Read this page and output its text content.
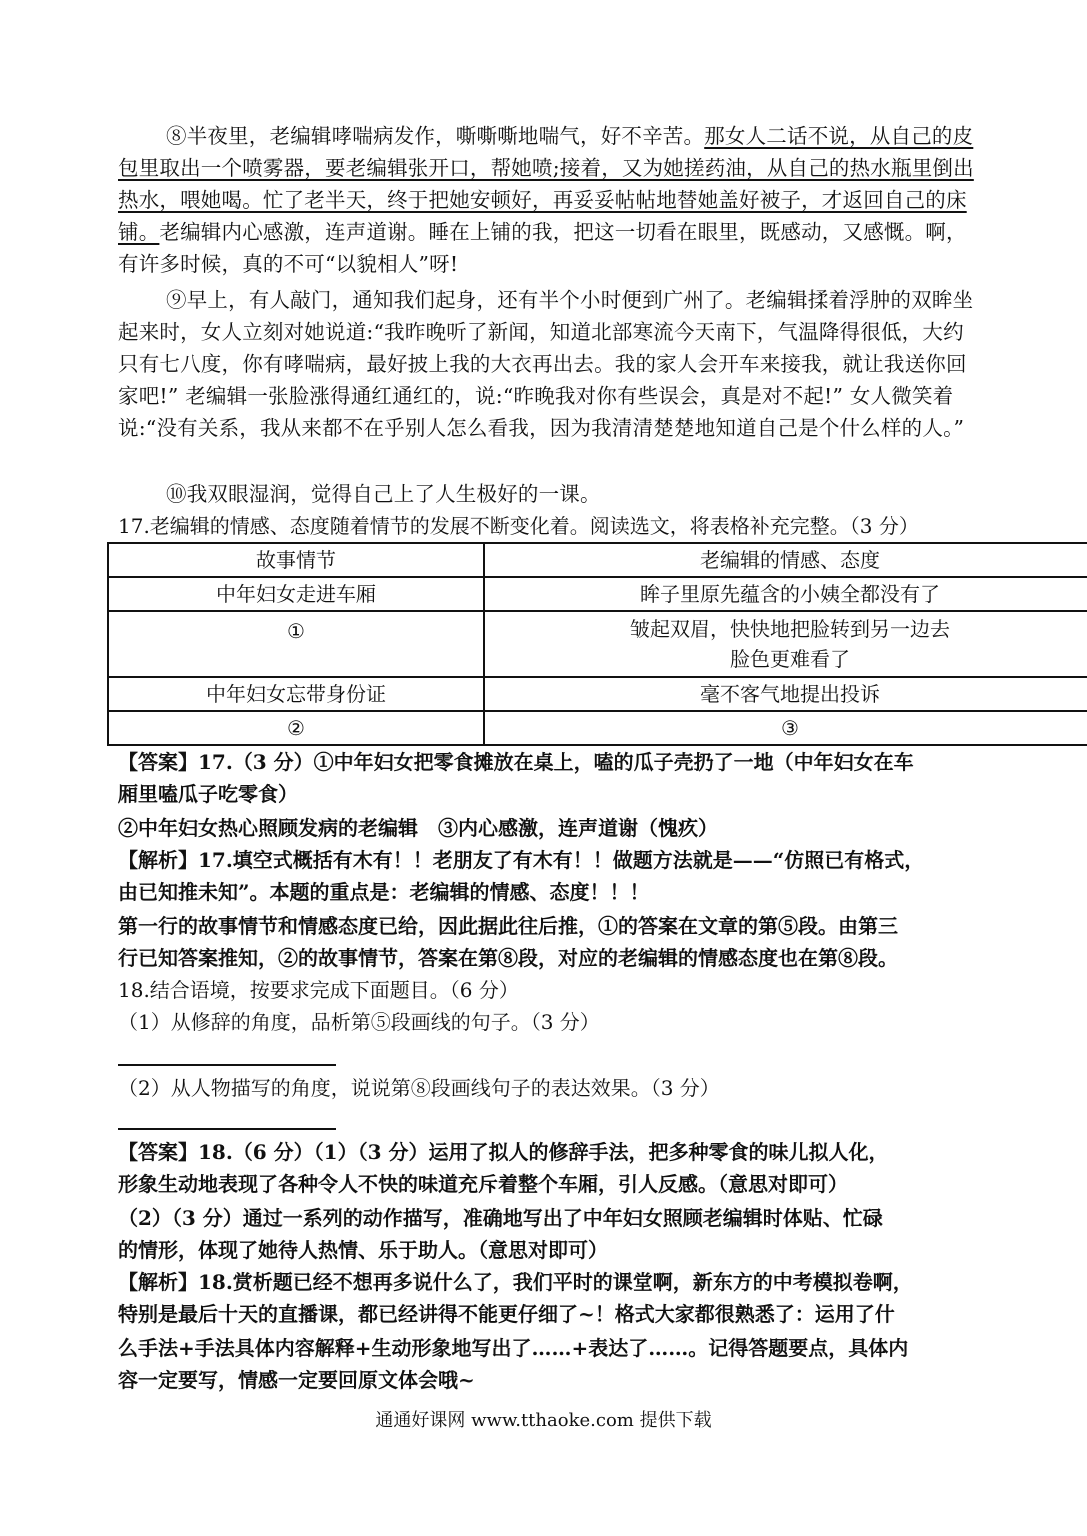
⑧半夜里，老编辑哮喘病发作，嘶嘶嘶地喘气，好不辛苦。那女人二话不说，从自己的皮包里取出一个喷雾器，要老编辑张开口，帮她喷;接着，又为她搓药油，从自己的热水瓶里倒出热水，喂她喝。忙了老半天，终于把她安顿好，再妥妥帖帖地替她盖好被子，才返回自己的床铺。老编辑内心感激，连声道谢。睡在上铺的我，把这一切看在眼里，既感动，又感慨。啊，有许多时候，真的不可“以貌相人”呀!

⑨早上，有人敲门，通知我们起身，还有半个小时便到广州了。老编辑揉着浮肿的双眸坐起来时，女人立刻对她说道:“我昨晚听了新闻，知道北部寒流今天南下，气温降得很低，大约只有七八度，你有哮喘病，最好披上我的大衣再出去。我的家人会开车来接我，就让我送你回家吧!” 老编辑一张脸涨得通红通红的，说:“昨晚我对你有些误会，真是对不起!” 女人微笑着说:“没有关系，我从来都不在乎别人怎么看我，因为我清清楚楚地知道自己是个什么样的人。”

⑩我双眼湿润，觉得自己上了人生极好的一课。

17.老编辑的情感、态度随着情节的发展不断变化着。阅读选文，将表格补充完整。（3 分）

故事情节	老编辑的情感、态度
中年妇女走进车厢	眸子里原先蕴含的小姨全都没有了
①	皱起双眉，快快地把脸转到另一边去
脸色更难看了

中年妇女忘带身份证	毫不客气地提出投诉
②	③

【答案】17.（3 分）①中年妇女把零食摊放在桌上，嗑的瓜子壳扔了一地（中年妇女在车

厢里嗑瓜子吃零食）

②中年妇女热心照顾发病的老编辑　③内心感激，连声道谢（愧疚）

【解析】17.填空式概括有木有！！老朋友了有木有！！做题方法就是——“仿照已有格式，

由已知推未知”。本题的重点是：老编辑的情感、态度！！！

第一行的故事情节和情感态度已给，因此据此往后推，①的答案在文章的第⑤段。由第三

行已知答案推知，②的故事情节，答案在第⑧段，对应的老编辑的情感态度也在第⑧段。

18.结合语境，按要求完成下面题目。（6 分）

（1）从修辞的角度，品析第⑤段画线的句子。（3 分）

（2）从人物描写的角度，说说第⑧段画线句子的表达效果。（3 分）

【答案】18.（6 分）（1）（3 分）运用了拟人的修辞手法，把多种零食的味儿拟人化，

形象生动地表现了各种令人不快的味道充斥着整个车厢，引人反感。（意思对即可）

（2）（3 分）通过一系列的动作描写，准确地写出了中年妇女照顾老编辑时体贴、忙碌

的情形，体现了她待人热情、乐于助人。（意思对即可）

【解析】18.赏析题已经不想再多说什么了，我们平时的课堂啊，新东方的中考模拟卷啊，

特别是最后十天的直播课，都已经讲得不能更仔细了~！格式大家都很熟悉了：运用了什

么手法+手法具体内容解释+生动形象地写出了……+表达了……。记得答题要点，具体内

容一定要写，情感一定要回原文体会哦~

通通好课网 www.tthaoke.com 提供下载
